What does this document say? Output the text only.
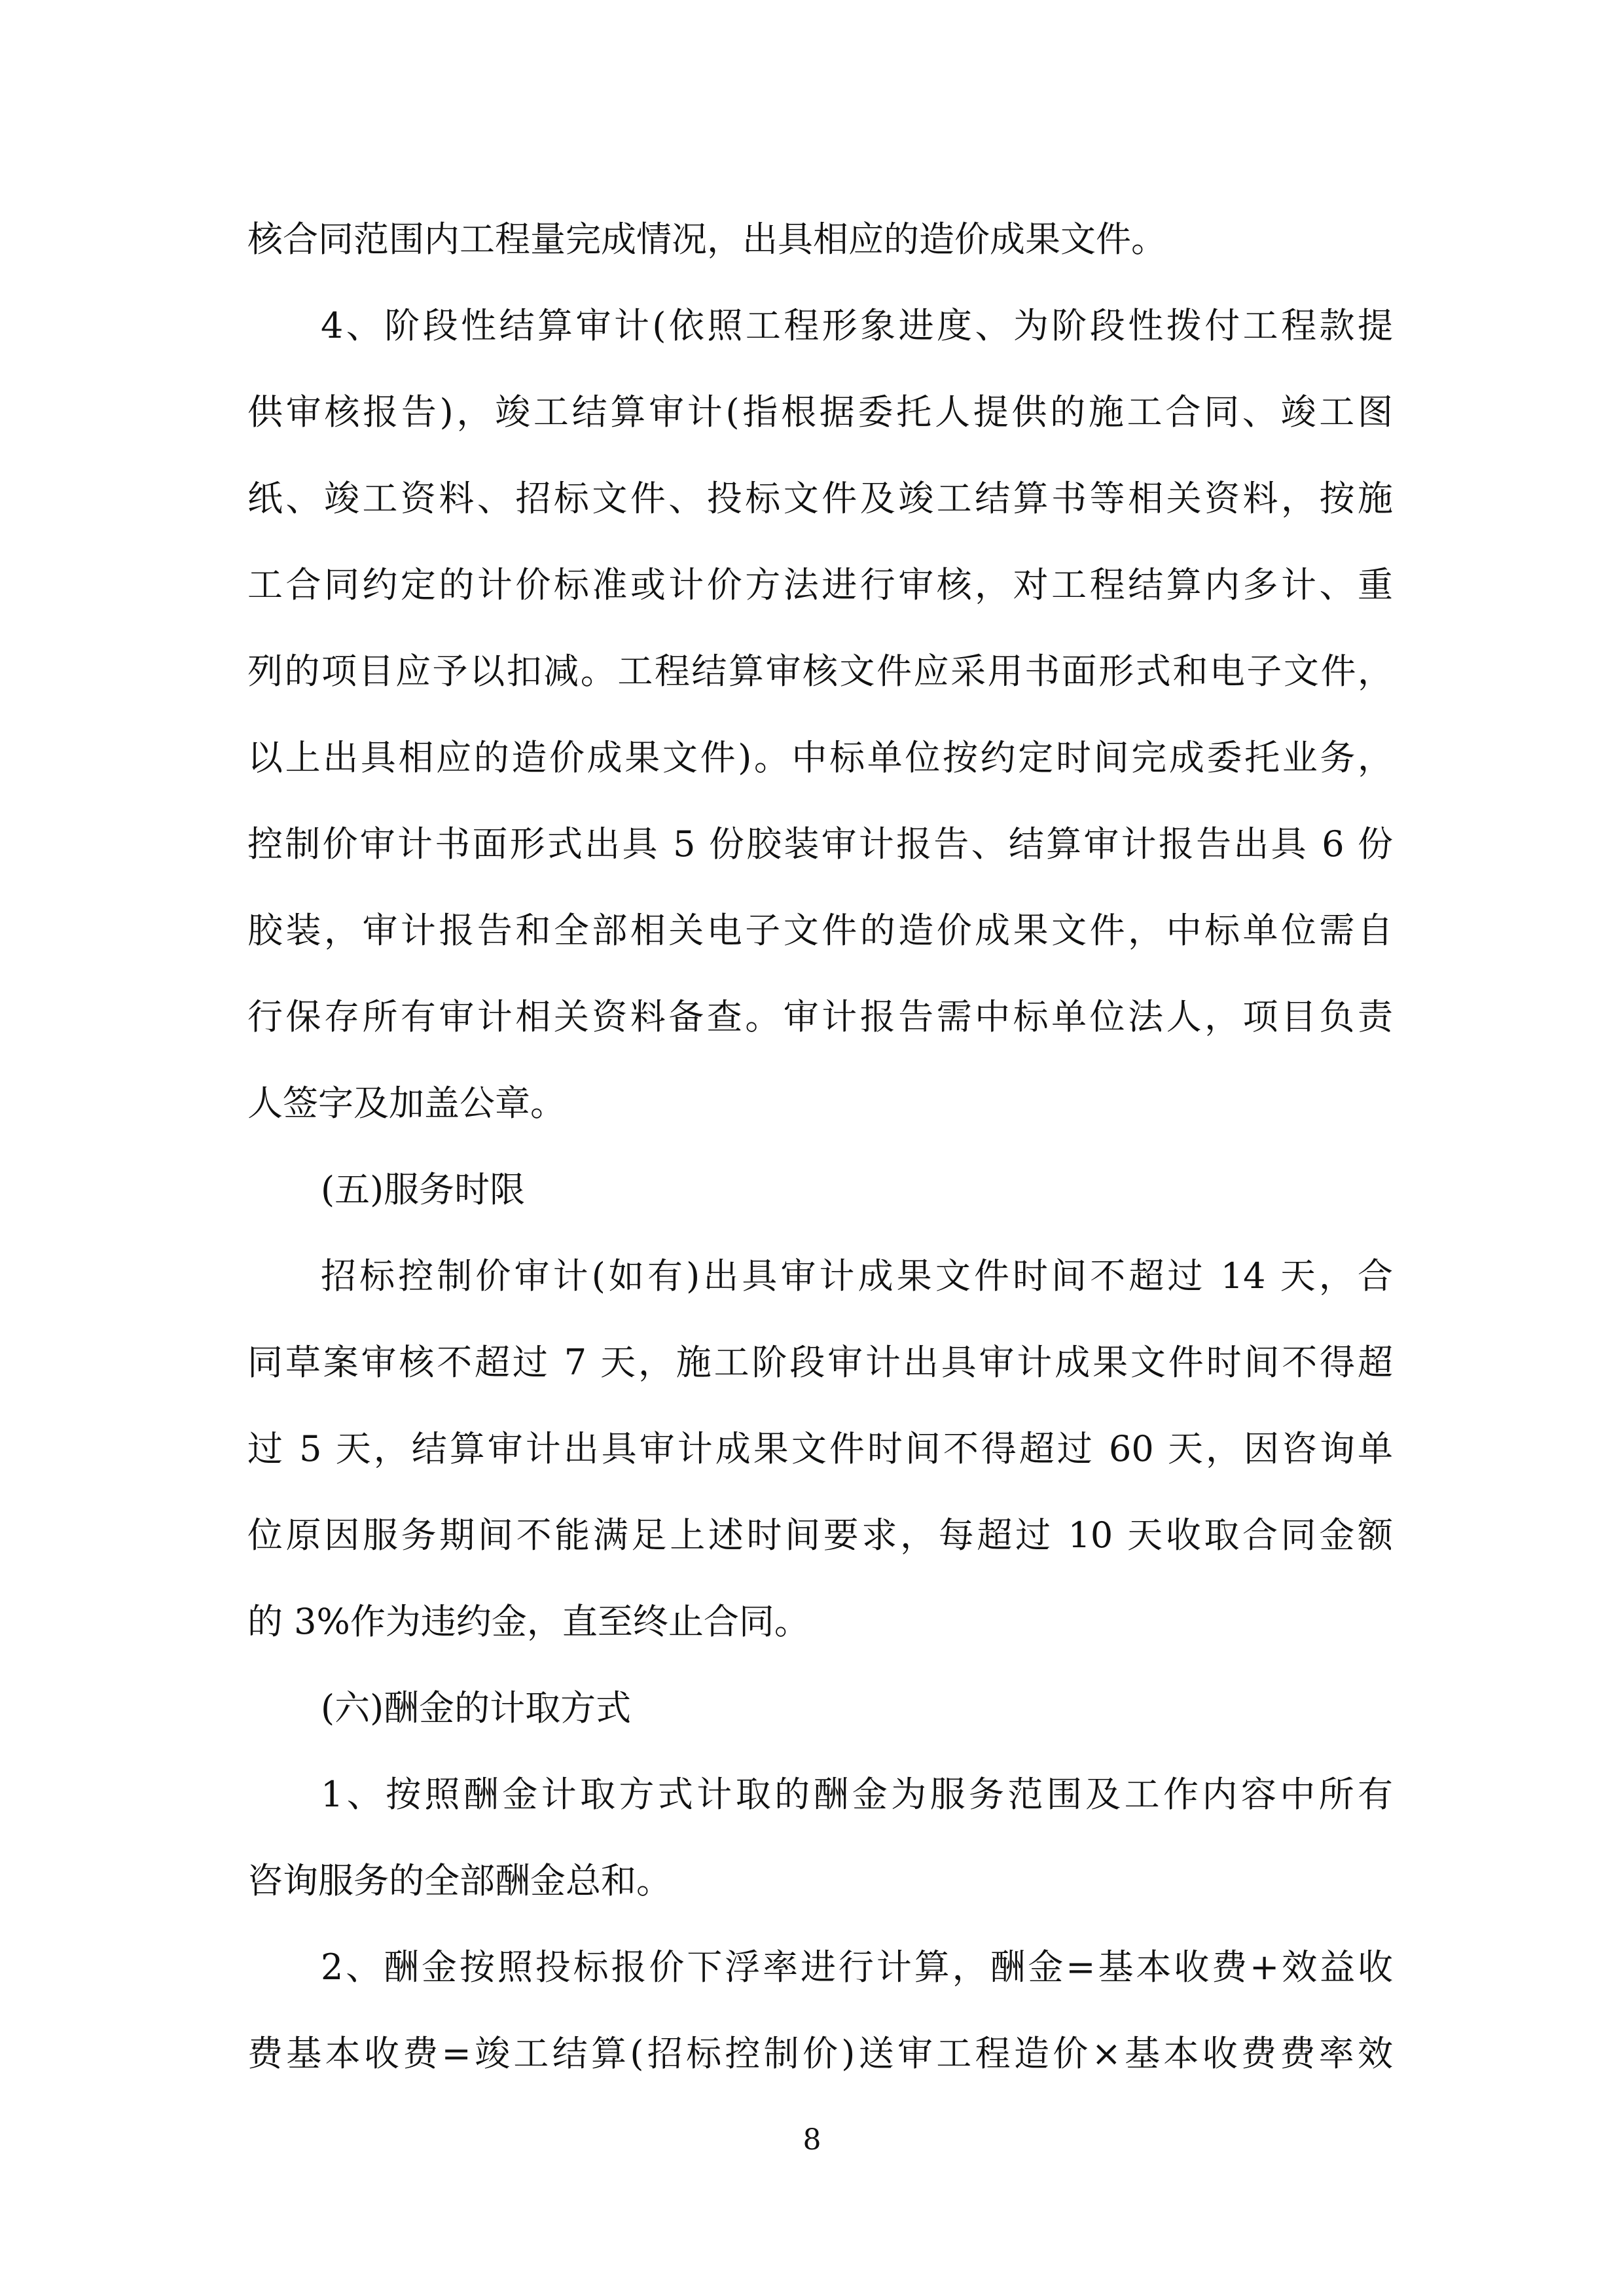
核合同范围内工程量完成情况，出具相应的造价成果文件。
4、阶段性结算审计(依照工程形象进度、为阶段性拨付工程款提
供审核报告)，竣工结算审计(指根据委托人提供的施工合同、竣工图
纸、竣工资料、招标文件、投标文件及竣工结算书等相关资料，按施
工合同约定的计价标准或计价方法进行审核，对工程结算内多计、重
列的项目应予以扣减。工程结算审核文件应采用书面形式和电子文件，
以上出具相应的造价成果文件)。中标单位按约定时间完成委托业务，
控制价审计书面形式出具 5 份胶装审计报告、结算审计报告出具 6 份
胶装，审计报告和全部相关电子文件的造价成果文件，中标单位需自
行保存所有审计相关资料备查。审计报告需中标单位法人，项目负责
人签字及加盖公章。
(五)服务时限
招标控制价审计(如有)出具审计成果文件时间不超过 14 天，合
同草案审核不超过 7 天，施工阶段审计出具审计成果文件时间不得超
过 5 天，结算审计出具审计成果文件时间不得超过 60 天，因咨询单
位原因服务期间不能满足上述时间要求，每超过 10 天收取合同金额
的 3%作为违约金，直至终止合同。
(六)酬金的计取方式
1、按照酬金计取方式计取的酬金为服务范围及工作内容中所有
咨询服务的全部酬金总和。
2、酬金按照投标报价下浮率进行计算，酬金=基本收费+效益收
费基本收费=竣工结算(招标控制价)送审工程造价×基本收费费率效
8
